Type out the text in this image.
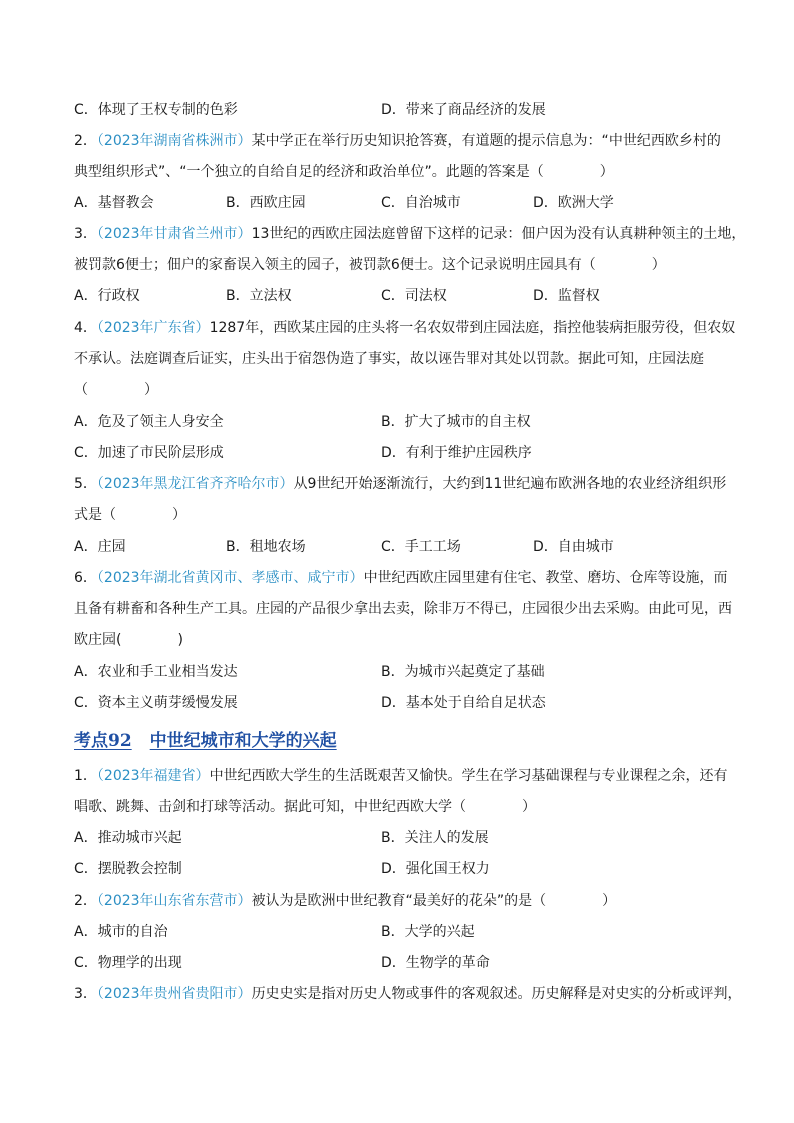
C．体现了王权专制的色彩	D．带来了商品经济的发展
2．（2023年湖南省株洲市）某中学正在举行历史知识抢答赛，有道题的提示信息为：“中世纪西欧乡村的
典型组织形式”、“一个独立的自给自足的经济和政治单位”。此题的答案是（　　　　）
A．基督教会	B．西欧庄园	C．自治城市	D．欧洲大学
3．（2023年甘肃省兰州市）13世纪的西欧庄园法庭曾留下这样的记录：佃户因为没有认真耕种领主的土地，
被罚款6便士；佃户的家畜误入领主的园子，被罚款6便士。这个记录说明庄园具有（　　　　）
A．行政权	B．立法权	C．司法权	D．监督权
4．（2023年广东省）1287年，西欧某庄园的庄头将一名农奴带到庄园法庭，指控他装病拒服劳役，但农奴
不承认。法庭调查后证实，庄头出于宿怨伪造了事实，故以诬告罪对其处以罚款。据此可知，庄园法庭
（　　　　）
A．危及了领主人身安全	B．扩大了城市的自主权
C．加速了市民阶层形成	D．有利于维护庄园秩序
5．（2023年黑龙江省齐齐哈尔市）从9世纪开始逐渐流行，大约到11世纪遍布欧洲各地的农业经济组织形
式是（　　　　）
A．庄园	B．租地农场	C．手工工场	D．自由城市
6．（2023年湖北省黄冈市、孝感市、咸宁市）中世纪西欧庄园里建有住宅、教堂、磨坊、仓库等设施，而
且备有耕畜和各种生产工具。庄园的产品很少拿出去卖，除非万不得已，庄园很少出去采购。由此可见，西
欧庄园(　　　　)
A．农业和手工业相当发达	B．为城市兴起奠定了基础
C．资本主义萌芽缓慢发展	D．基本处于自给自足状态
考点92 中世纪城市和大学的兴起
1．（2023年福建省）中世纪西欧大学生的生活既艰苦又愉快。学生在学习基础课程与专业课程之余，还有
唱歌、跳舞、击剑和打球等活动。据此可知，中世纪西欧大学（　　　　）
A．推动城市兴起	B．关注人的发展
C．摆脱教会控制	D．强化国王权力
2．（2023年山东省东营市）被认为是欧洲中世纪教育“最美好的花朵”的是（　　　　）
A．城市的自治	B．大学的兴起
C．物理学的出现	D．生物学的革命
3．（2023年贵州省贵阳市）历史史实是指对历史人物或事件的客观叙述。历史解释是对史实的分析或评判，
